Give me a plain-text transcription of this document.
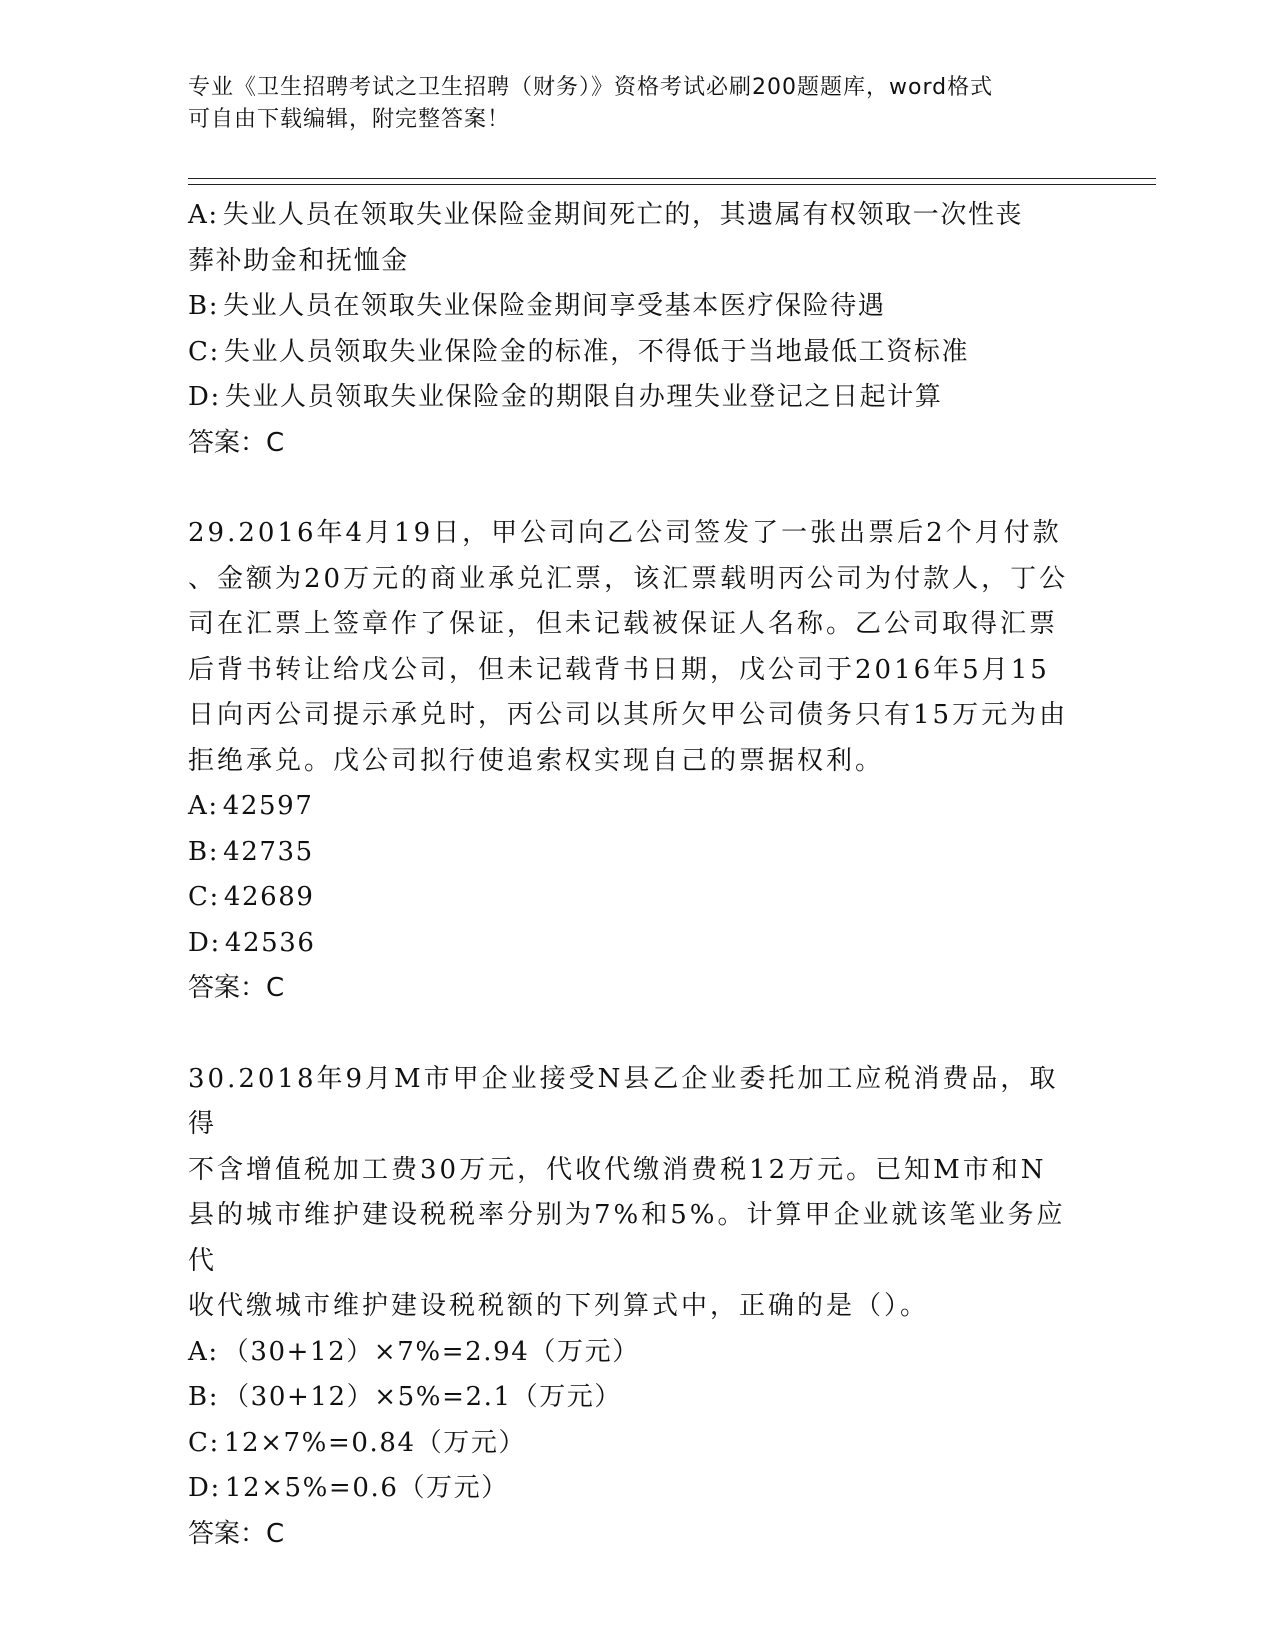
专业《卫生招聘考试之卫生招聘（财务）》资格考试必刷200题题库，word格式
可自由下载编辑，附完整答案！
A: 失业人员在领取失业保险金期间死亡的，其遗属有权领取一次性丧
葬补助金和抚恤金
B: 失业人员在领取失业保险金期间享受基本医疗保险待遇
C: 失业人员领取失业保险金的标准，不得低于当地最低工资标准
D: 失业人员领取失业保险金的期限自办理失业登记之日起计算
答案：C
29.2016年4月19日，甲公司向乙公司签发了一张出票后2个月付款
、金额为20万元的商业承兑汇票，该汇票载明丙公司为付款人，丁公
司在汇票上签章作了保证，但未记载被保证人名称。乙公司取得汇票
后背书转让给戊公司，但未记载背书日期，戊公司于2016年5月15
日向丙公司提示承兑时，丙公司以其所欠甲公司债务只有15万元为由
拒绝承兑。戊公司拟行使追索权实现自己的票据权利。
A: 42597
B: 42735
C: 42689
D: 42536
答案：C
30.2018年9月M市甲企业接受N县乙企业委托加工应税消费品，取得
不含增值税加工费30万元，代收代缴消费税12万元。已知M市和N
县的城市维护建设税税率分别为7%和5%。计算甲企业就该笔业务应代
收代缴城市维护建设税税额的下列算式中，正确的是（）。
A: （30+12）×7%=2.94（万元）
B: （30+12）×5%=2.1（万元）
C: 12×7%=0.84（万元）
D: 12×5%=0.6（万元）
答案：C
